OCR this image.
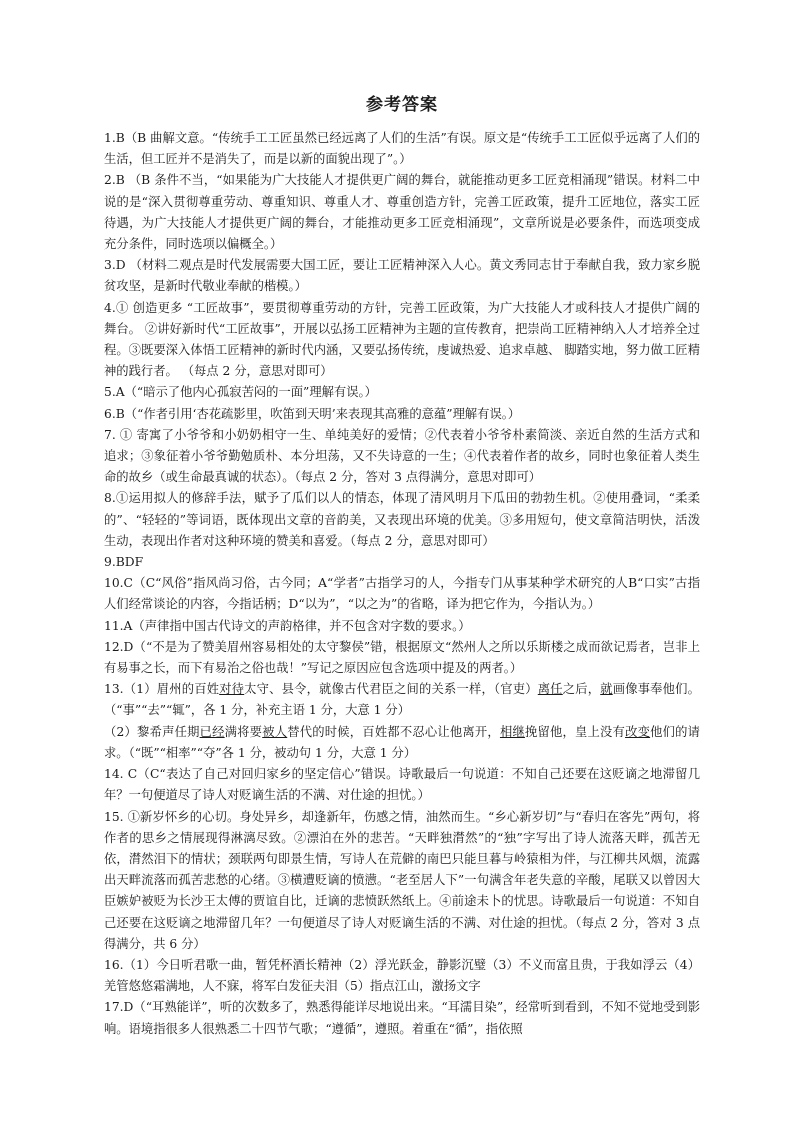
参考答案
1.B（B 曲解文意。“传统手工工匠虽然已经远离了人们的生活”有误。原文是“传统手工工匠似乎远离了人们的生活，但工匠并不是消失了，而是以新的面貌出现了”。）
2.B （B 条件不当，“如果能为广大技能人才提供更广阔的舞台，就能推动更多工匠竞相涌现”错误。材料二中说的是“深入贯彻尊重劳动、尊重知识、尊重人才、尊重创造方针，完善工匠政策，提升工匠地位，落实工匠待遇，为广大技能人才提供更广阔的舞台，才能推动更多工匠竞相涌现”，文章所说是必要条件，而选项变成充分条件，同时选项以偏概全。）
3.D （材料二观点是时代发展需要大国工匠，要让工匠精神深入人心。黄文秀同志甘于奉献自我，致力家乡脱贫攻坚，是新时代敬业奉献的楷模。）
4.① 创造更多 “工匠故事”，要贯彻尊重劳动的方针，完善工匠政策，为广大技能人才或科技人才提供广阔的舞台。 ②讲好新时代“工匠故事”，开展以弘扬工匠精神为主题的宣传教育，把崇尚工匠精神纳入人才培养全过程。③既要深入体悟工匠精神的新时代内涵，又要弘扬传统，虔诚热爱、追求卓越、 脚踏实地，努力做工匠精神的践行者。 （每点 2 分，意思对即可）
5.A（“暗示了他内心孤寂苦闷的一面”理解有误。）
6.B（“作者引用‘杏花疏影里，吹笛到天明’来表现其高雅的意蕴”理解有误。）
7. ① 寄寓了小爷爷和小奶奶相守一生、单纯美好的爱情；②代表着小爷爷朴素简淡、亲近自然的生活方式和追求；③象征着小爷爷勤勉质朴、本分坦荡，又不失诗意的一生；④代表着作者的故乡，同时也象征着人类生命的故乡（或生命最真诚的状态）。（每点 2 分，答对 3 点得满分，意思对即可）
8.①运用拟人的修辞手法，赋予了瓜们以人的情态，体现了清风明月下瓜田的勃勃生机。②使用叠词，“柔柔的”、“轻轻的”等词语，既体现出文章的音韵美，又表现出环境的优美。③多用短句，使文章简洁明快，活泼生动，表现出作者对这种环境的赞美和喜爱。（每点 2 分，意思对即可）
9.BDF
10.C（C“风俗”指风尚习俗，古今同；A“学者”古指学习的人，今指专门从事某种学术研究的人B“口实”古指人们经常谈论的内容，今指话柄；D“以为”，“以之为”的省略，译为把它作为，今指认为。）
11.A（声律指中国古代诗文的声韵格律，并不包含对字数的要求。）
12.D（“不是为了赞美眉州容易相处的太守黎侯”错，根据原文“然州人之所以乐斯楼之成而欲记焉者，岂非上有易事之长，而下有易治之俗也哉！”写记之原因应包含选项中提及的两者。）
13.（1）眉州的百姓对待太守、县令，就像古代君臣之间的关系一样，（官吏）离任之后，就画像事奉他们。（“事”“去”“辄”，各 1 分，补充主语 1 分，大意 1 分）
（2）黎希声任期已经满将要被人替代的时候，百姓都不忍心让他离开，相继挽留他，皇上没有改变他们的请求。（“既”“相率”“夺”各 1 分，被动句 1 分，大意 1 分）
14. C（C“表达了自己对回归家乡的坚定信心”错误。诗歌最后一句说道：不知自己还要在这贬谪之地滞留几年？一句便道尽了诗人对贬谪生活的不满、对仕途的担忧。）
15. ①新岁怀乡的心切。身处异乡，却逢新年，伤感之情，油然而生。“乡心新岁切”与“春归在客先”两句，将作者的思乡之情展现得淋漓尽致。②漂泊在外的悲苦。“天畔独潸然”的“独”字写出了诗人流落天畔，孤苦无依，潸然泪下的情状；颈联两句即景生情，写诗人在荒僻的南巴只能旦暮与岭猿相为伴，与江柳共风烟，流露出天畔流落而孤苦悲愁的心绪。③横遭贬谪的愤懑。“老至居人下”一句满含年老失意的辛酸，尾联又以曾因大臣嫉妒被贬为长沙王太傅的贾谊自比，迁谪的悲愤跃然纸上。④前途未卜的忧思。诗歌最后一句说道：不知自己还要在这贬谪之地滞留几年？一句便道尽了诗人对贬谪生活的不满、对仕途的担忧。（每点 2 分，答对 3 点得满分，共 6 分）
16.（1）今日听君歌一曲，暂凭杯酒长精神（2）浮光跃金，静影沉璧（3）不义而富且贵，于我如浮云（4）羌管悠悠霜满地，人不寐，将军白发征夫泪（5）指点江山，激扬文字
17.D（“耳熟能详”，听的次数多了，熟悉得能详尽地说出来。“耳濡目染”，经常听到看到，不知不觉地受到影响。语境指很多人很熟悉二十四节气歌；“遵循”，遵照。着重在“循”，指依照
